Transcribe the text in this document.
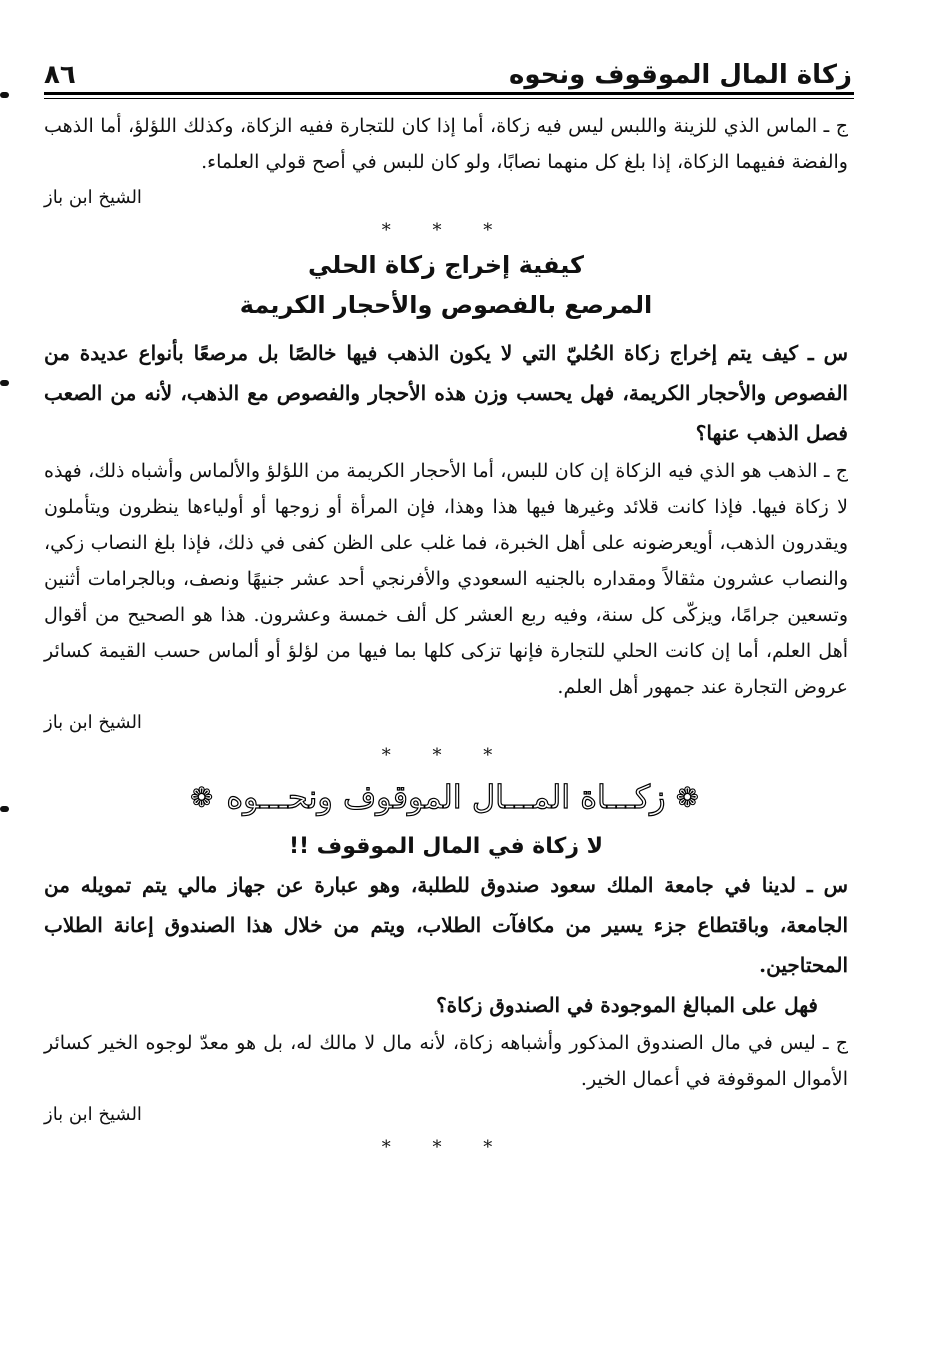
زكاة المال الموقوف ونحوه
٨٦

ج ـ الماس الذي للزينة واللبس ليس فيه زكاة، أما إذا كان للتجارة ففيه الزكاة، وكذلك اللؤلؤ، أما الذهب والفضة ففيهما الزكاة، إذا بلغ كل منهما نصابًا، ولو كان للبس في أصح قولي العلماء.

الشيخ ابن باز
* * *
كيفية إخراج زكاة الحلي
المرصع بالفصوص والأحجار الكريمة

س ـ كيف يتم إخراج زكاة الحُليّ التي لا يكون الذهب فيها خالصًا بل مرصعًا بأنواع عديدة من الفصوص والأحجار الكريمة، فهل يحسب وزن هذه الأحجار والفصوص مع الذهب، لأنه من الصعب فصل الذهب عنها؟

ج ـ الذهب هو الذي فيه الزكاة إن كان للبس، أما الأحجار الكريمة من اللؤلؤ والألماس وأشباه ذلك، فهذه لا زكاة فيها. فإذا كانت قلائد وغيرها فيها هذا وهذا، فإن المرأة أو زوجها أو أولياءها ينظرون ويتأملون ويقدرون الذهب، أويعرضونه على أهل الخبرة، فما غلب على الظن كفى في ذلك، فإذا بلغ النصاب زكي، والنصاب عشرون مثقالاً ومقداره بالجنيه السعودي والأفرنجي أحد عشر جنيهًا ونصف، وبالجرامات أثنين وتسعين جرامًا، ويزكّى كل سنة، وفيه ربع العشر كل ألف خمسة وعشرون. هذا هو الصحيح من أقوال أهل العلم، أما إن كانت الحلي للتجارة فإنها تزكى كلها بما فيها من لؤلؤ أو ألماس حسب القيمة كسائر عروض التجارة عند جمهور أهل العلم.

الشيخ ابن باز
* * *
❁
زكـــاة المـــال الموقوف ونحـــوه
❁
لا زكاة في المال الموقوف !!

س ـ لدينا في جامعة الملك سعود صندوق للطلبة، وهو عبارة عن جهاز مالي يتم تمويله من الجامعة، وباقتطاع جزء يسير من مكافآت الطلاب، ويتم من خلال هذا الصندوق إعانة الطلاب المحتاجين.

فهل على المبالغ الموجودة في الصندوق زكاة؟

ج ـ ليس في مال الصندوق المذكور وأشباهه زكاة، لأنه مال لا مالك له، بل هو معدّ لوجوه الخير كسائر الأموال الموقوفة في أعمال الخير.

الشيخ ابن باز
* * *
